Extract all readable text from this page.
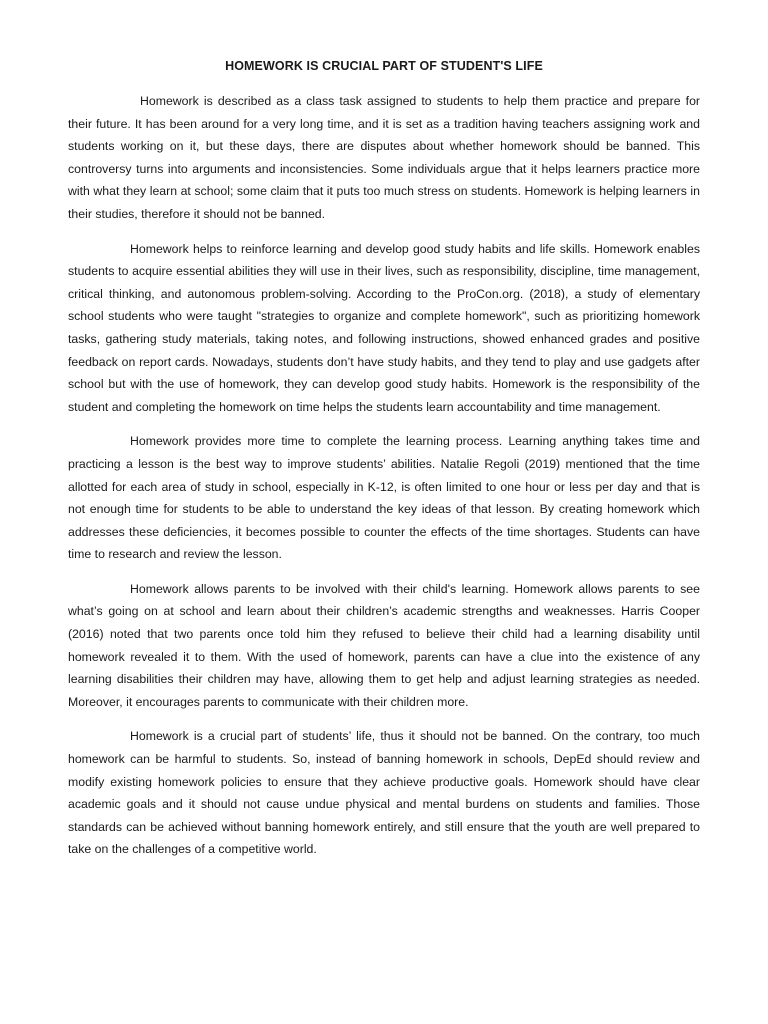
HOMEWORK IS CRUCIAL PART OF STUDENT'S LIFE

Homework is described as a class task assigned to students to help them practice and prepare for their future. It has been around for a very long time, and it is set as a tradition having teachers assigning work and students working on it, but these days, there are disputes about whether homework should be banned. This controversy turns into arguments and inconsistencies. Some individuals argue that it helps learners practice more with what they learn at school; some claim that it puts too much stress on students. Homework is helping learners in their studies, therefore it should not be banned.

Homework helps to reinforce learning and develop good study habits and life skills. Homework enables students to acquire essential abilities they will use in their lives, such as responsibility, discipline, time management, critical thinking, and autonomous problem-solving. According to the ProCon.org. (2018), a study of elementary school students who were taught "strategies to organize and complete homework", such as prioritizing homework tasks, gathering study materials, taking notes, and following instructions, showed enhanced grades and positive feedback on report cards. Nowadays, students don’t have study habits, and they tend to play and use gadgets after school but with the use of homework, they can develop good study habits. Homework is the responsibility of the student and completing the homework on time helps the students learn accountability and time management.

Homework provides more time to complete the learning process. Learning anything takes time and practicing a lesson is the best way to improve students’ abilities. Natalie Regoli (2019) mentioned that the time allotted for each area of study in school, especially in K-12, is often limited to one hour or less per day and that is not enough time for students to be able to understand the key ideas of that lesson. By creating homework which addresses these deficiencies, it becomes possible to counter the effects of the time shortages. Students can have time to research and review the lesson.

Homework allows parents to be involved with their child's learning. Homework allows parents to see what’s going on at school and learn about their children’s academic strengths and weaknesses. Harris Cooper (2016) noted that two parents once told him they refused to believe their child had a learning disability until homework revealed it to them. With the used of homework, parents can have a clue into the existence of any learning disabilities their children may have, allowing them to get help and adjust learning strategies as needed. Moreover, it encourages parents to communicate with their children more.

Homework is a crucial part of students’ life, thus it should not be banned. On the contrary, too much homework can be harmful to students. So, instead of banning homework in schools, DepEd should review and modify existing homework policies to ensure that they achieve productive goals. Homework should have clear academic goals and it should not cause undue physical and mental burdens on students and families. Those standards can be achieved without banning homework entirely, and still ensure that the youth are well prepared to take on the challenges of a competitive world.
